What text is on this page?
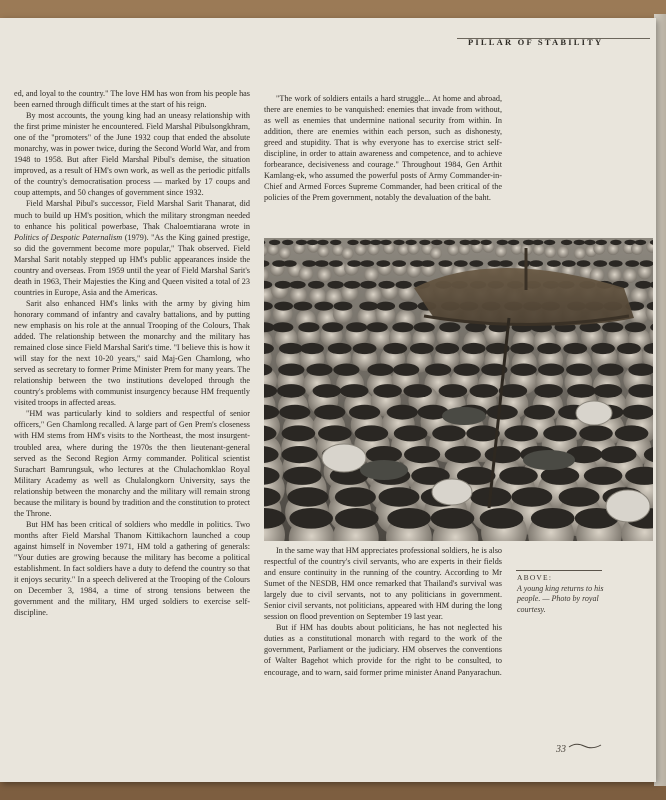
PILLAR OF STABILITY

ed, and loyal to the country." The love HM has won from his people has been earned through difficult times at the start of his reign.

By most accounts, the young king had an uneasy relationship with the first prime minister he encountered. Field Marshal Pibulsongkhram, one of the "promoters" of the June 1932 coup that ended the absolute monarchy, was in power twice, during the Second World War, and from 1948 to 1958. But after Field Marshal Pibul's demise, the situation improved, as a result of HM's own work, as well as the periodic pitfalls of the country's democratisation process — marked by 17 coups and coup attempts, and 50 changes of government since 1932.

Field Marshal Pibul's successor, Field Marshal Sarit Thanarat, did much to build up HM's position, which the military strongman needed to enhance his political powerbase, Thak Chaloemtiarana wrote in Politics of Despotic Paternalism (1979). "As the King gained prestige, so did the government become more popular," Thak observed. Field Marshal Sarit notably stepped up HM's public appearances inside the country and overseas. From 1959 until the year of Field Marshal Sarit's death in 1963, Their Majesties the King and Queen visited a total of 23 countries in Europe, Asia and the Americas.

Sarit also enhanced HM's links with the army by giving him honorary command of infantry and cavalry battalions, and by putting new emphasis on his role at the annual Trooping of the Colours, Thak added. The relationship between the monarchy and the military has remained close since Field Marshal Sarit's time. "I believe this is how it will stay for the next 10-20 years," said Maj-Gen Chamlong, who served as secretary to former Prime Minister Prem for many years. The relationship between the two institutions developed through the country's problems with communist insurgency because HM frequently visited troops in affected areas.

"HM was particularly kind to soldiers and respectful of senior officers," Gen Chamlong recalled. A large part of Gen Prem's closeness with HM stems from HM's visits to the Northeast, the most insurgent-troubled area, where during the 1970s the then lieutenant-general served as the Second Region Army commander. Political scientist Surachart Bamrungsuk, who lectures at the Chulachomklao Royal Military Academy as well as Chulalongkorn University, says the relationship between the monarchy and the military will remain strong because the military is bound by tradition and the constitution to protect the Throne.

But HM has been critical of soldiers who meddle in politics. Two months after Field Marshal Thanom Kittikachorn launched a coup against himself in November 1971, HM told a gathering of generals: "Your duties are growing because the military has become a political establishment. In fact soldiers have a duty to defend the country so that it enjoys security." In a speech delivered at the Trooping of the Colours on December 3, 1984, a time of strong tensions between the government and the military, HM urged soldiers to exercise self-discipline.

"The work of soldiers entails a hard struggle... At home and abroad, there are enemies to be vanquished: enemies that invade from without, as well as enemies that undermine national security from within. In addition, there are enemies within each person, such as dishonesty, greed and stupidity. That is why everyone has to exercise strict self-discipline, in order to attain awareness and competence, and to achieve forbearance, decisiveness and courage." Throughout 1984, Gen Arthit Kamlang-ek, who assumed the powerful posts of Army Commander-in-Chief and Armed Forces Supreme Commander, had been critical of the policies of the Prem government, notably the devaluation of the baht.

In the same way that HM appreciates professional soldiers, he is also respectful of the country's civil servants, who are experts in their fields and ensure continuity in the running of the country. According to Mr Sumet of the NESDB, HM once remarked that Thailand's survival was largely due to civil servants, not to any politicians in government. Senior civil servants, not politicians, appeared with HM during the long session on flood prevention on September 19 last year.

But if HM has doubts about politicians, he has not neglected his duties as a constitutional monarch with regard to the work of the government, Parliament or the judiciary. HM observes the conventions of Walter Bagehot which provide for the right to be consulted, to encourage, and to warn, said former prime minister Anand Panyarachun.

ABOVE:
A young king returns to his people. — Photo by royal courtesy.
33
